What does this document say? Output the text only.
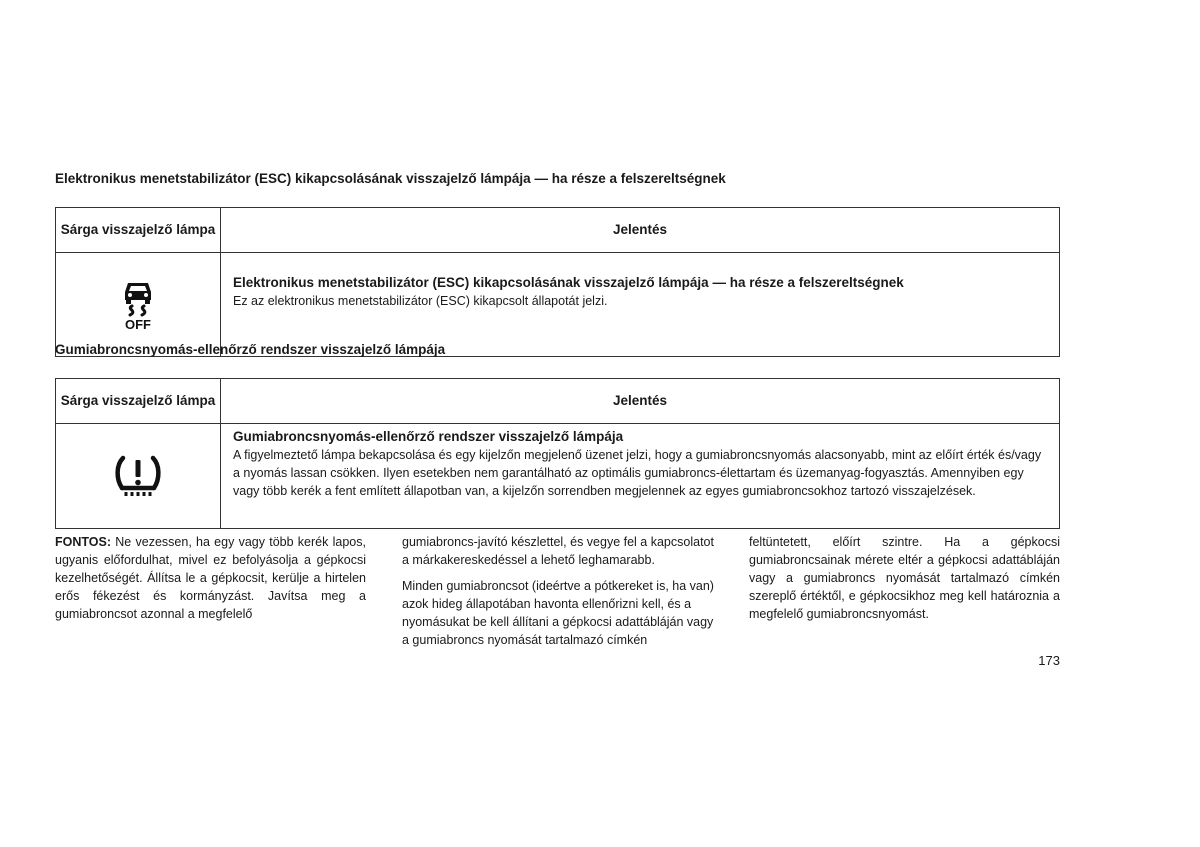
Elektronikus menetstabilizátor (ESC) kikapcsolásának visszajelző lámpája — ha része a felszereltségnek

Sárga visszajelző lámpa	Jelentés

OFF	Elektronikus menetstabilizátor (ESC) kikapcsolásának visszajelző lámpája — ha része a felszereltségnek
Ez az elektronikus menetstabilizátor (ESC) kikapcsolt állapotát jelzi.

Gumiabroncsnyomás-ellenőrző rendszer visszajelző lámpája

Sárga visszajelző lámpa	Jelentés

Gumiabroncsnyomás-ellenőrző rendszer visszajelző lámpája
A figyelmeztető lámpa bekapcsolása és egy kijelzőn megjelenő üzenet jelzi, hogy a gumiabroncsnyomás alacsonyabb, mint az előírt érték és/vagy a nyomás lassan csökken. Ilyen esetekben nem garantálható az optimális gumiabroncs-élettartam és üzemanyag-fogyasztás. Amennyiben egy vagy több kerék a fent említett állapotban van, a kijelzőn sorrendben megjelennek az egyes gumiabroncsokhoz tartozó visszajelzések.

FONTOS: Ne vezessen, ha egy vagy több kerék lapos, ugyanis előfordulhat, mivel ez befolyásolja a gépkocsi kezelhetőségét. Állítsa le a gépkocsit, kerülje a hirtelen erős fékezést és kormányzást. Javítsa meg a gumiabroncsot azonnal a megfelelő

gumiabroncs-javító készlettel, és vegye fel a kapcsolatot a márkakereskedéssel a lehető leghamarabb.

Minden gumiabroncsot (ideértve a pótkereket is, ha van) azok hideg állapotában havonta ellenőrizni kell, és a nyomásukat be kell állítani a gépkocsi adattábláján vagy a gumiabroncs nyomását tartalmazó címkén

feltüntetett, előírt szintre. Ha a gépkocsi gumiabroncsainak mérete eltér a gépkocsi adattábláján vagy a gumiabroncs nyomását tartalmazó címkén szereplő értéktől, e gépkocsikhoz meg kell határoznia a megfelelő gumiabroncsnyomást.

173
